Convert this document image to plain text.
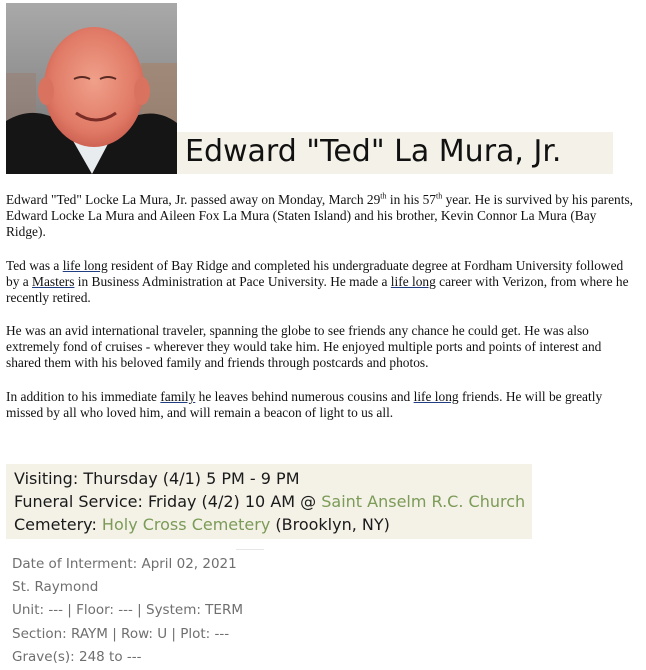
Edward "Ted" La Mura, Jr.

Edward "Ted" Locke La Mura, Jr. passed away on Monday, March 29th in his 57th year. He is survived by his parents, Edward Locke La Mura and Aileen Fox La Mura (Staten Island) and his brother, Kevin Connor La Mura (Bay Ridge).

Ted was a life long resident of Bay Ridge and completed his undergraduate degree at Fordham University followed by a Masters in Business Administration at Pace University. He made a life long career with Verizon, from where he recently retired.

He was an avid international traveler, spanning the globe to see friends any chance he could get. He was also extremely fond of cruises - wherever they would take him. He enjoyed multiple ports and points of interest and shared them with his beloved family and friends through postcards and photos.

In addition to his immediate family he leaves behind numerous cousins and life long friends. He will be greatly missed by all who loved him, and will remain a beacon of light to us all.

Visiting: Thursday (4/1) 5 PM - 9 PM
Funeral Service: Friday (4/2) 10 AM @ Saint Anselm R.C. Church
Cemetery: Holy Cross Cemetery (Brooklyn, NY)
Date of Interment: April 02, 2021
St. Raymond
Unit: --- | Floor: --- | System: TERM
Section: RAYM | Row: U | Plot: ---
Grave(s): 248 to ---
